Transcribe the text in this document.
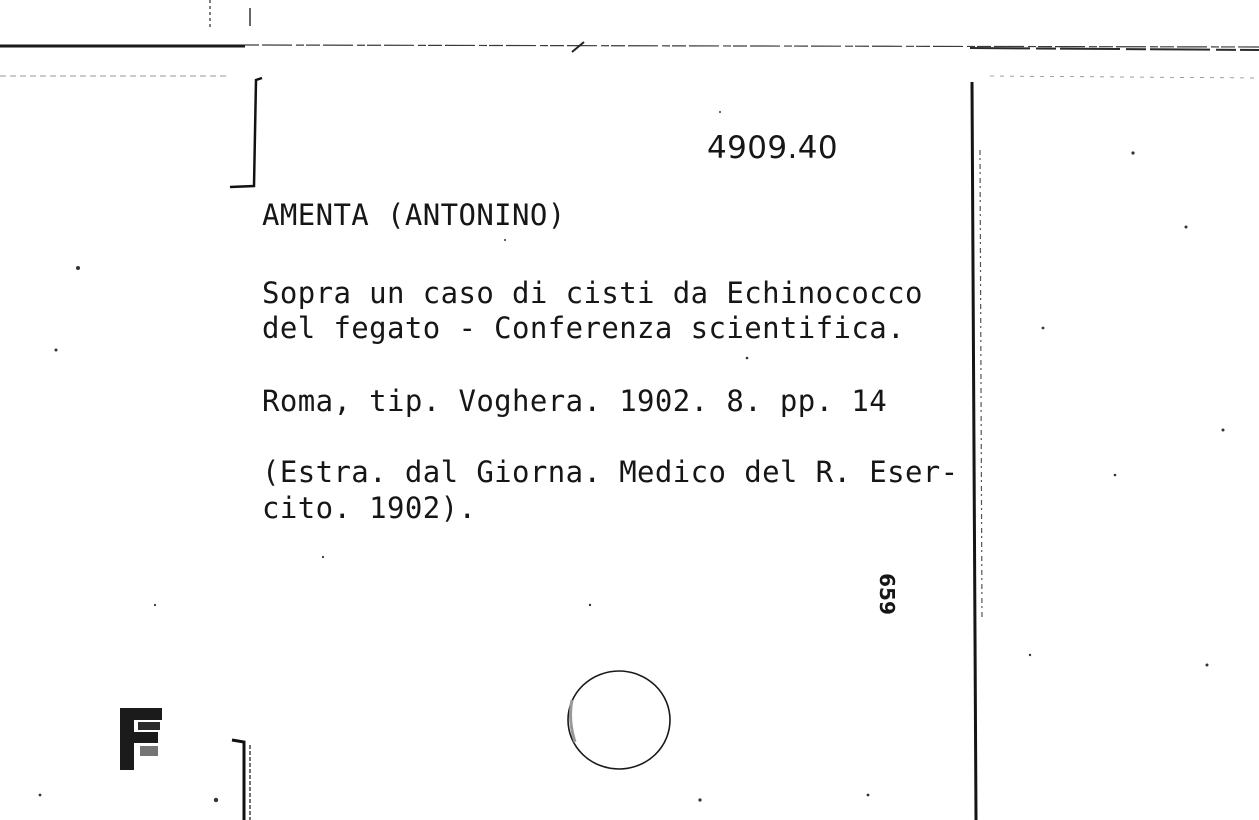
4909.40

AMENTA (ANTONINO)

Sopra un caso di cisti da Echinococco

del fegato - Conferenza scientifica.

Roma, tip. Voghera. 1902. 8. pp. 14

(Estra. dal Giorna. Medico del R. Eser-

cito. 1902).

659
